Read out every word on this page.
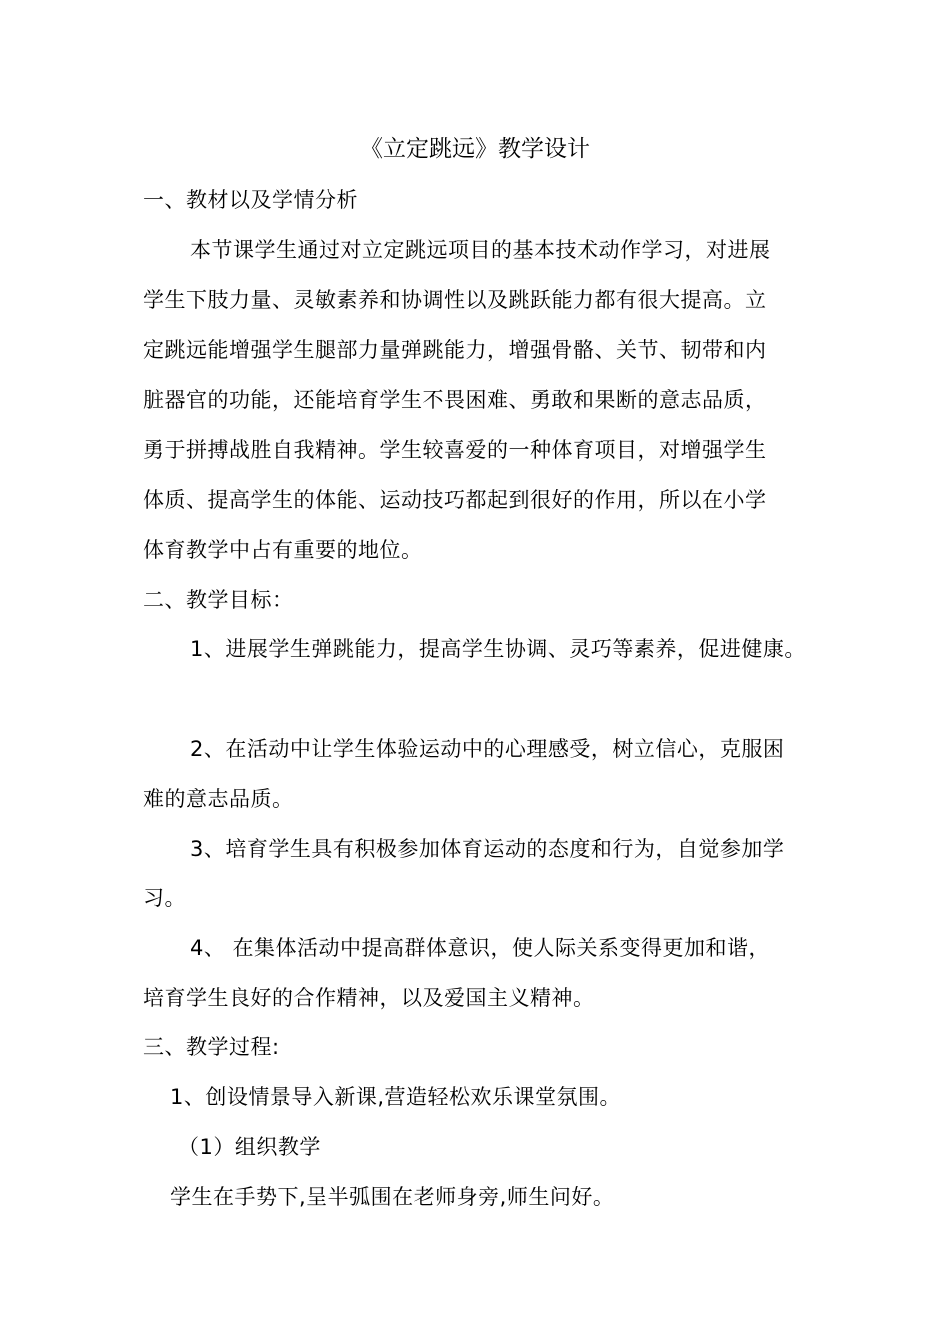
《立定跳远》教学设计
一、教材以及学情分析
本节课学生通过对立定跳远项目的基本技术动作学习，对进展
学生下肢力量、灵敏素养和协调性以及跳跃能力都有很大提高。立
定跳远能增强学生腿部力量弹跳能力，增强骨骼、关节、韧带和内
脏器官的功能，还能培育学生不畏困难、勇敢和果断的意志品质，
勇于拼搏战胜自我精神。学生较喜爱的一种体育项目，对增强学生
体质、提高学生的体能、运动技巧都起到很好的作用，所以在小学
体育教学中占有重要的地位。
二、教学目标：
1、进展学生弹跳能力，提高学生协调、灵巧等素养，促进健康。
2、在活动中让学生体验运动中的心理感受，树立信心，克服困
难的意志品质。
3、培育学生具有积极参加体育运动的态度和行为，自觉参加学
习。
4、 在集体活动中提高群体意识，使人际关系变得更加和谐，
培育学生良好的合作精神，以及爱国主义精神。
三、教学过程:
1、创设情景导入新课,营造轻松欢乐课堂氛围。
（1）组织教学
学生在手势下,呈半弧围在老师身旁,师生问好。
